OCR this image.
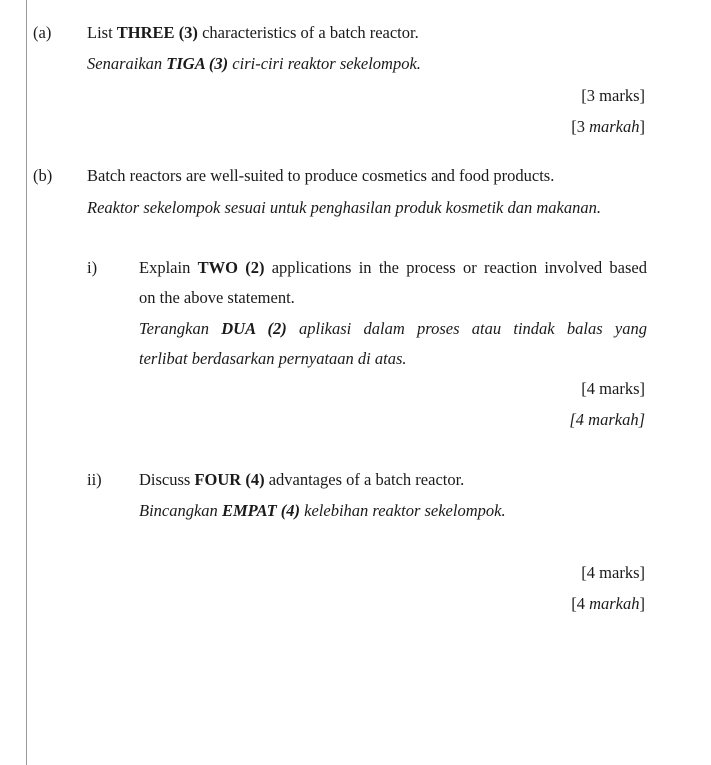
(a) List THREE (3) characteristics of a batch reactor.
Senaraikan TIGA (3) ciri-ciri reaktor sekelompok.
[3 marks]
[3 markah]
(b) Batch reactors are well-suited to produce cosmetics and food products.
Reaktor sekelompok sesuai untuk penghasilan produk kosmetik dan makanan.
i)	Explain TWO (2) applications in the process or reaction involved based
on the above statement.
Terangkan DUA (2) aplikasi dalam proses atau tindak balas yang
terlibat berdasarkan pernyataan di atas.
[4 marks]
[4 markah]
ii) Discuss FOUR (4) advantages of a batch reactor.
Bincangkan EMPAT (4) kelebihan reaktor sekelompok.
[4 marks]
[4 markah]
